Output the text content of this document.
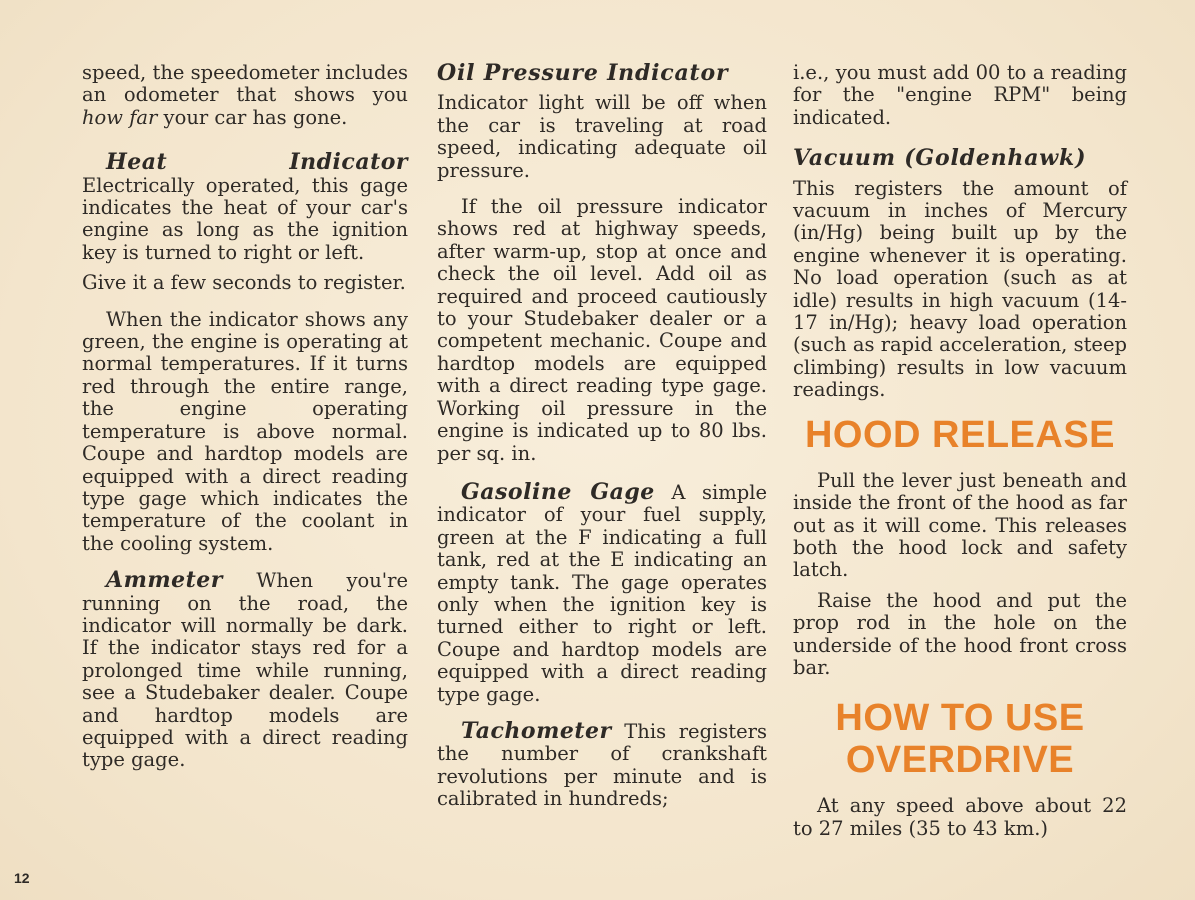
speed, the speedometer includes an odometer that shows you how far your car has gone.

Heat Indicator Electrically operated, this gage indicates the heat of your car's engine as long as the ignition key is turned to right or left.

Give it a few seconds to register.

When the indicator shows any green, the engine is operating at normal temperatures. If it turns red through the entire range, the engine operating temperature is above normal. Coupe and hardtop models are equipped with a direct reading type gage which indicates the temperature of the coolant in the cooling system.

Ammeter When you're running on the road, the indicator will normally be dark. If the indicator stays red for a prolonged time while running, see a Studebaker dealer. Coupe and hardtop models are equipped with a direct reading type gage.

Oil Pressure Indicator

Indicator light will be off when the car is traveling at road speed, indicating adequate oil pressure.

If the oil pressure indicator shows red at highway speeds, after warm-up, stop at once and check the oil level. Add oil as required and proceed cautiously to your Studebaker dealer or a competent mechanic. Coupe and hardtop models are equipped with a direct reading type gage. Working oil pressure in the engine is indicated up to 80 lbs. per sq. in.

Gasoline Gage A simple indicator of your fuel supply, green at the F indicating a full tank, red at the E indicating an empty tank. The gage operates only when the ignition key is turned either to right or left. Coupe and hardtop models are equipped with a direct reading type gage.

Tachometer This registers the number of crankshaft revolutions per minute and is calibrated in hundreds;

i.e., you must add 00 to a reading for the "engine RPM" being indicated.

Vacuum (Goldenhawk)

This registers the amount of vacuum in inches of Mercury (in/Hg) being built up by the engine whenever it is operating. No load operation (such as at idle) results in high vacuum (14-17 in/Hg); heavy load operation (such as rapid acceleration, steep climbing) results in low vacuum readings.

HOOD RELEASE

Pull the lever just beneath and inside the front of the hood as far out as it will come. This releases both the hood lock and safety latch.

Raise the hood and put the prop rod in the hole on the underside of the hood front cross bar.

HOW TO USE
OVERDRIVE

At any speed above about 22 to 27 miles (35 to 43 km.)

12
